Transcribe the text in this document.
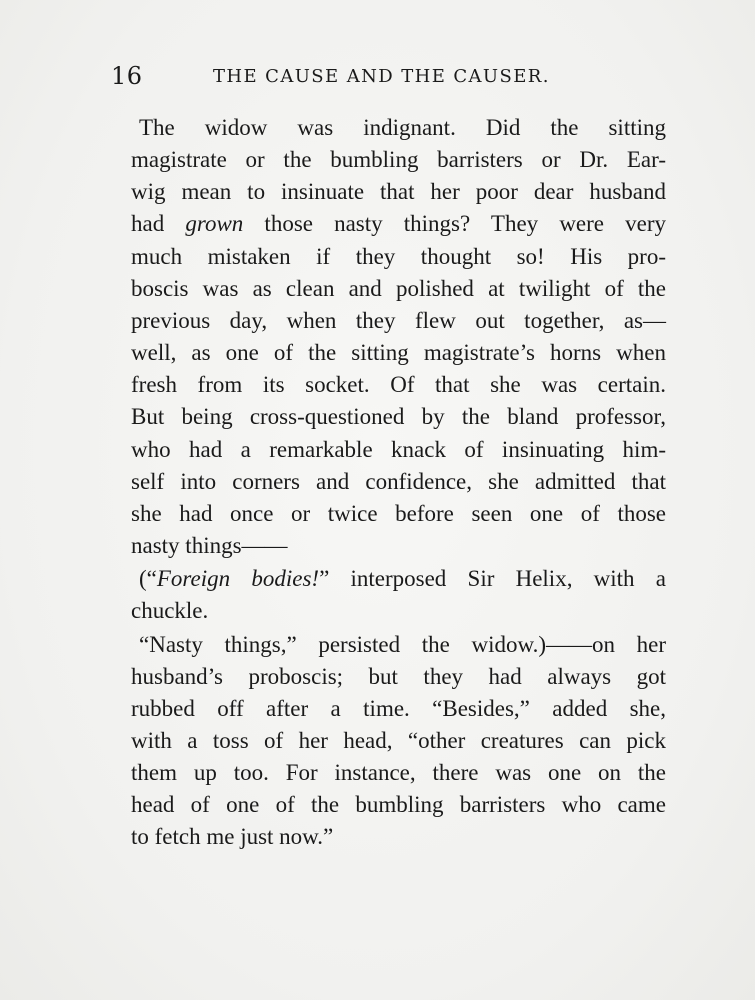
16	THE CAUSE AND THE CAUSER.
The widow was indignant. Did the sitting
magistrate or the bumbling barristers or Dr. Ear-
wig mean to insinuate that her poor dear husband
had grown those nasty things? They were very
much mistaken if they thought so! His pro-
boscis was as clean and polished at twilight of the
previous day, when they flew out together, as—
well, as one of the sitting magistrate’s horns when
fresh from its socket. Of that she was certain.
But being cross-questioned by the bland professor,
who had a remarkable knack of insinuating him-
self into corners and confidence, she admitted that
she had once or twice before seen one of those
nasty things——
(“Foreign bodies!” interposed Sir Helix, with a
chuckle.
“Nasty things,” persisted the widow.)——on her
husband’s proboscis; but they had always got
rubbed off after a time. “Besides,” added she,
with a toss of her head, “other creatures can pick
them up too. For instance, there was one on the
head of one of the bumbling barristers who came
to fetch me just now.”
